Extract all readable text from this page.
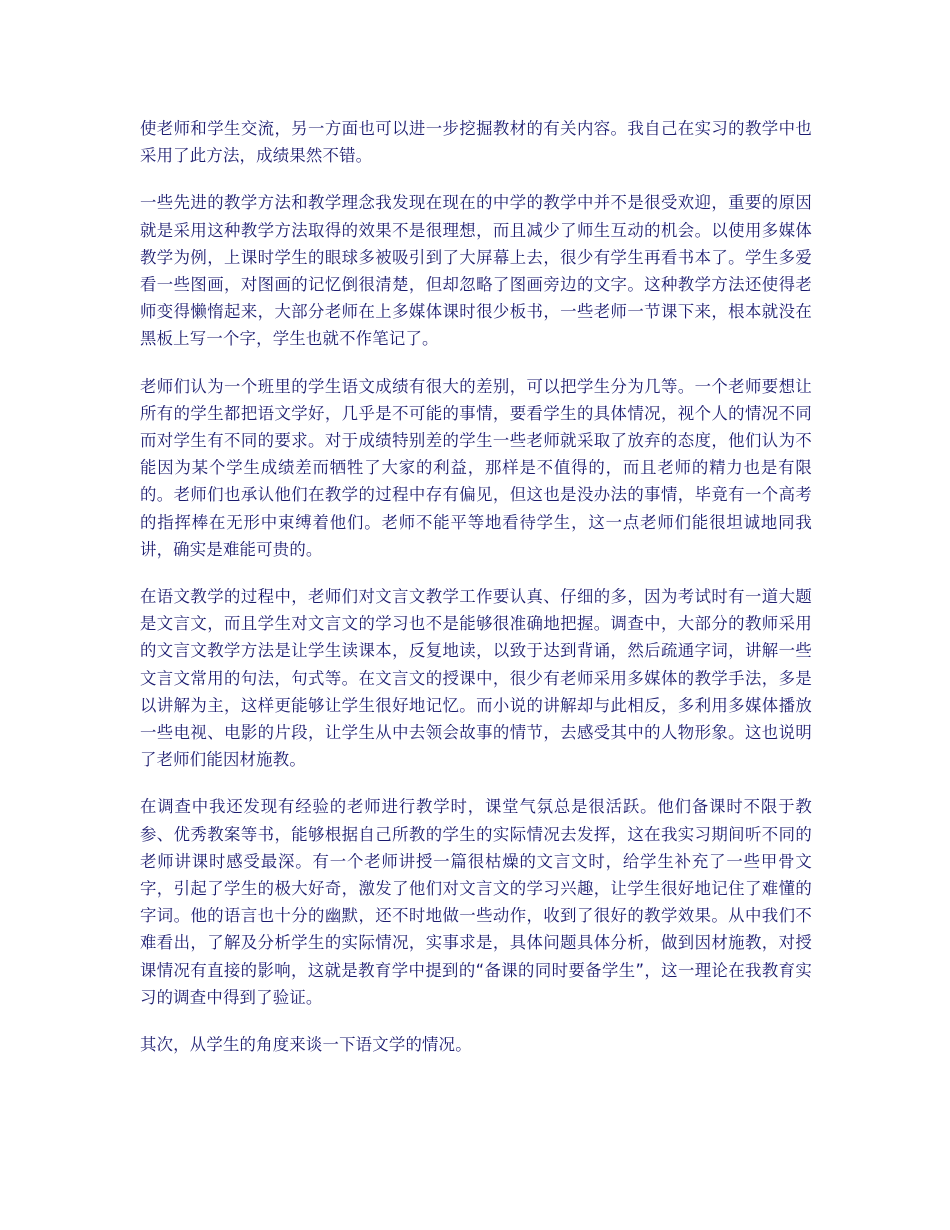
使老师和学生交流，另一方面也可以进一步挖掘教材的有关内容。我自己在实习的教学中也采用了此方法，成绩果然不错。

一些先进的教学方法和教学理念我发现在现在的中学的教学中并不是很受欢迎，重要的原因就是采用这种教学方法取得的效果不是很理想，而且减少了师生互动的机会。以使用多媒体教学为例，上课时学生的眼球多被吸引到了大屏幕上去，很少有学生再看书本了。学生多爱看一些图画，对图画的记忆倒很清楚，但却忽略了图画旁边的文字。这种教学方法还使得老师变得懒惰起来，大部分老师在上多媒体课时很少板书，一些老师一节课下来，根本就没在黑板上写一个字，学生也就不作笔记了。

老师们认为一个班里的学生语文成绩有很大的差别，可以把学生分为几等。一个老师要想让所有的学生都把语文学好，几乎是不可能的事情，要看学生的具体情况，视个人的情况不同而对学生有不同的要求。对于成绩特别差的学生一些老师就采取了放弃的态度，他们认为不能因为某个学生成绩差而牺牲了大家的利益，那样是不值得的，而且老师的精力也是有限的。老师们也承认他们在教学的过程中存有偏见，但这也是没办法的事情，毕竟有一个高考的指挥棒在无形中束缚着他们。老师不能平等地看待学生，这一点老师们能很坦诚地同我讲，确实是难能可贵的。

在语文教学的过程中，老师们对文言文教学工作要认真、仔细的多，因为考试时有一道大题是文言文，而且学生对文言文的学习也不是能够很准确地把握。调查中，大部分的教师采用的文言文教学方法是让学生读课本，反复地读，以致于达到背诵，然后疏通字词，讲解一些文言文常用的句法，句式等。在文言文的授课中，很少有老师采用多媒体的教学手法，多是以讲解为主，这样更能够让学生很好地记忆。而小说的讲解却与此相反，多利用多媒体播放一些电视、电影的片段，让学生从中去领会故事的情节，去感受其中的人物形象。这也说明了老师们能因材施教。

在调查中我还发现有经验的老师进行教学时，课堂气氛总是很活跃。他们备课时不限于教参、优秀教案等书，能够根据自己所教的学生的实际情况去发挥，这在我实习期间听不同的老师讲课时感受最深。有一个老师讲授一篇很枯燥的文言文时，给学生补充了一些甲骨文字，引起了学生的极大好奇，激发了他们对文言文的学习兴趣，让学生很好地记住了难懂的字词。他的语言也十分的幽默，还不时地做一些动作，收到了很好的教学效果。从中我们不难看出，了解及分析学生的实际情况，实事求是，具体问题具体分析，做到因材施教，对授课情况有直接的影响，这就是教育学中提到的“备课的同时要备学生”，这一理论在我教育实习的调查中得到了验证。

其次，从学生的角度来谈一下语文学的情况。
